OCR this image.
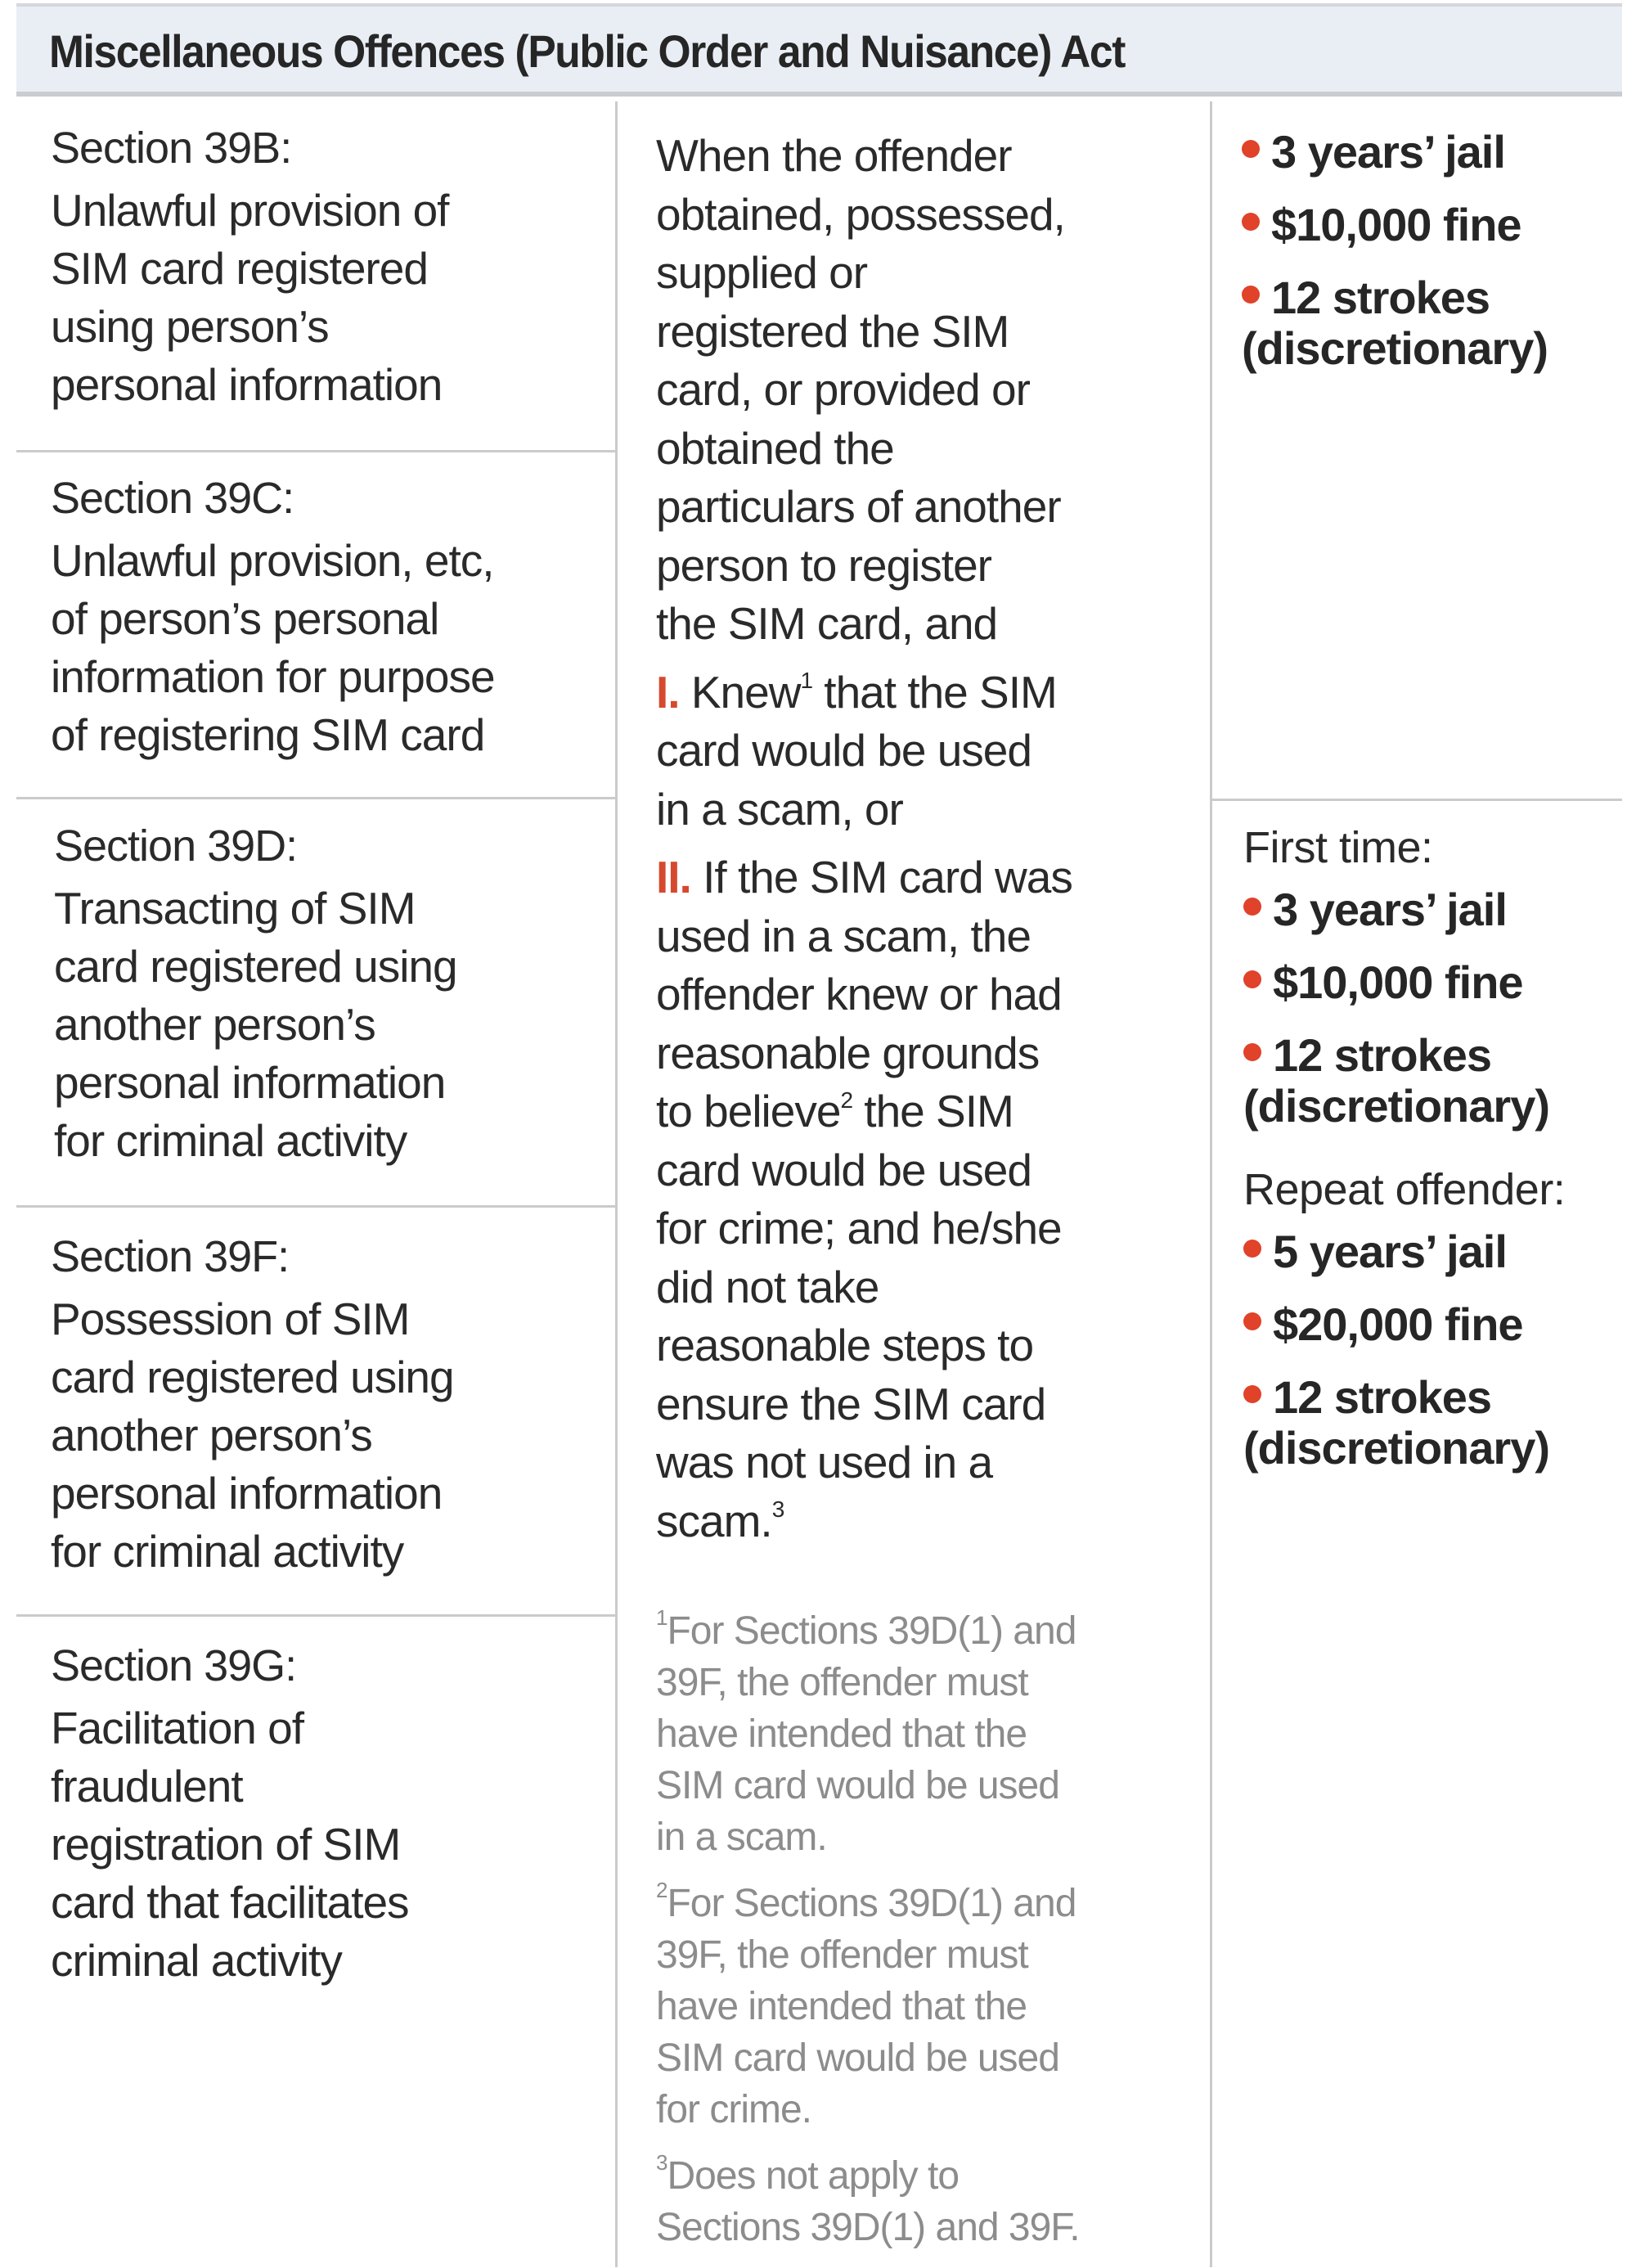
Miscellaneous Offences (Public Order and Nuisance) Act
Section 39B:
Unlawful provision of
SIM card registered
using person’s
personal information
Section 39C:
Unlawful provision, etc,
of person’s personal
information for purpose
of registering SIM card
Section 39D:
Transacting of SIM
card registered using
another person’s
personal information
for criminal activity
Section 39F:
Possession of SIM
card registered using
another person’s
personal information
for criminal activity
Section 39G:
Facilitation of
fraudulent
registration of SIM
card that facilitates
criminal activity
When the offender
obtained, possessed,
supplied or
registered the SIM
card, or provided or
obtained the
particulars of another
person to register
the SIM card, and
I. Knew$^1$ that the SIM
card would be used
in a scam, or
II. If the SIM card was
used in a scam, the
offender knew or had
reasonable grounds
to believe$^2$ the SIM
card would be used
for crime; and he/she
did not take
reasonable steps to
ensure the SIM card
was not used in a
scam.$^3$

$^1$For Sections 39D(1) and
39F, the offender must
have intended that the
SIM card would be used
in a scam.

$^2$For Sections 39D(1) and
39F, the offender must
have intended that the
SIM card would be used
for crime.

$^3$Does not apply to
Sections 39D(1) and 39F.

3 years’ jail
$10,000 fine
12 strokes
(discretionary)
First time:
3 years’ jail
$10,000 fine
12 strokes
(discretionary)
Repeat offender:
5 years’ jail
$20,000 fine
12 strokes
(discretionary)
